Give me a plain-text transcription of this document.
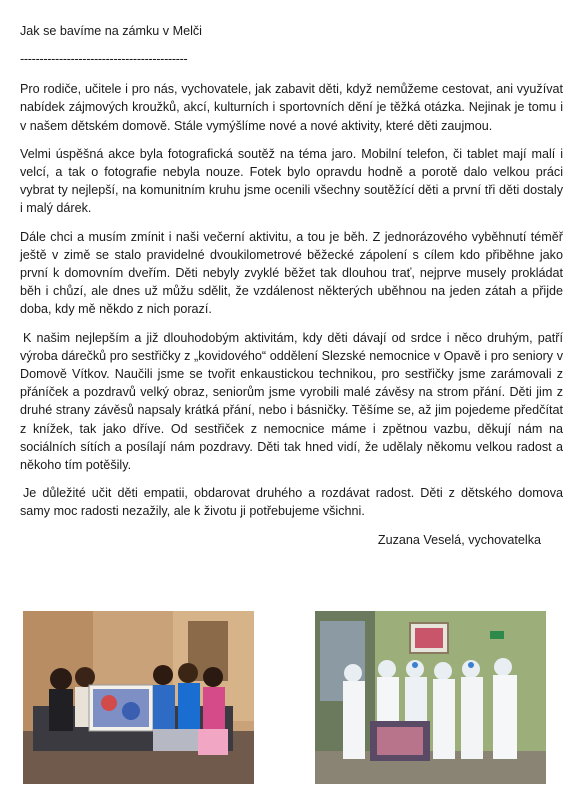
Jak se bavíme na zámku v Melči

-------------------------------------------

Pro rodiče, učitele i pro nás, vychovatele, jak zabavit děti, když nemůžeme cestovat, ani využívat nabídek zájmových kroužků, akcí, kulturních i sportovních dění je těžká otázka. Nejinak je tomu i v našem dětském domově. Stále vymýšlíme nové a nové aktivity, které děti zaujmou.

Velmi úspěšná akce byla fotografická soutěž na téma jaro. Mobilní telefon, či tablet mají malí i velcí, a tak o fotografie nebyla nouze. Fotek bylo opravdu hodně a porotě dalo velkou práci vybrat ty nejlepší, na komunitním kruhu jsme ocenili všechny soutěžící děti a první tři děti dostaly i malý dárek.

Dále chci a musím zmínit i naši večerní aktivitu, a tou je běh. Z jednorázového vyběhnutí téměř ještě v zimě se stalo pravidelné dvoukilometrové běžecké zápolení s cílem kdo přiběhne jako první k domovním dveřím. Děti nebyly zvyklé běžet tak dlouhou trať, nejprve musely prokládat běh i chůzí, ale dnes už můžu sdělit, že vzdálenost některých uběhnou na jeden zátah a přijde doba, kdy mě někdo z nich porazí.

K našim nejlepším a již dlouhodobým aktivitám, kdy děti dávají od srdce i něco druhým, patří výroba dárečků pro sestřičky z „kovidového“ oddělení Slezské nemocnice v Opavě i pro seniory v Domově Vítkov. Naučili jsme se tvořit enkaustickou technikou, pro sestřičky jsme zarámovali z přáníček a pozdravů velký obraz, seniorům jsme vyrobili malé závěsy na strom přání. Děti jim z druhé strany závěsů napsaly krátká přání, nebo i básničky. Těšíme se, až jim pojedeme předčítat z knížek, tak jako dříve. Od sestřiček z nemocnice máme i zpětnou vazbu, děkují nám na sociálních sítích a posílají nám pozdravy. Děti tak hned vidí, že udělaly někomu velkou radost a někoho tím potěšily.

Je důležité učit děti empatii, obdarovat druhého a rozdávat radost. Děti z dětského domova samy moc radosti nezažily, ale k životu ji potřebujeme všichni.

Zuzana Veselá, vychovatelka
